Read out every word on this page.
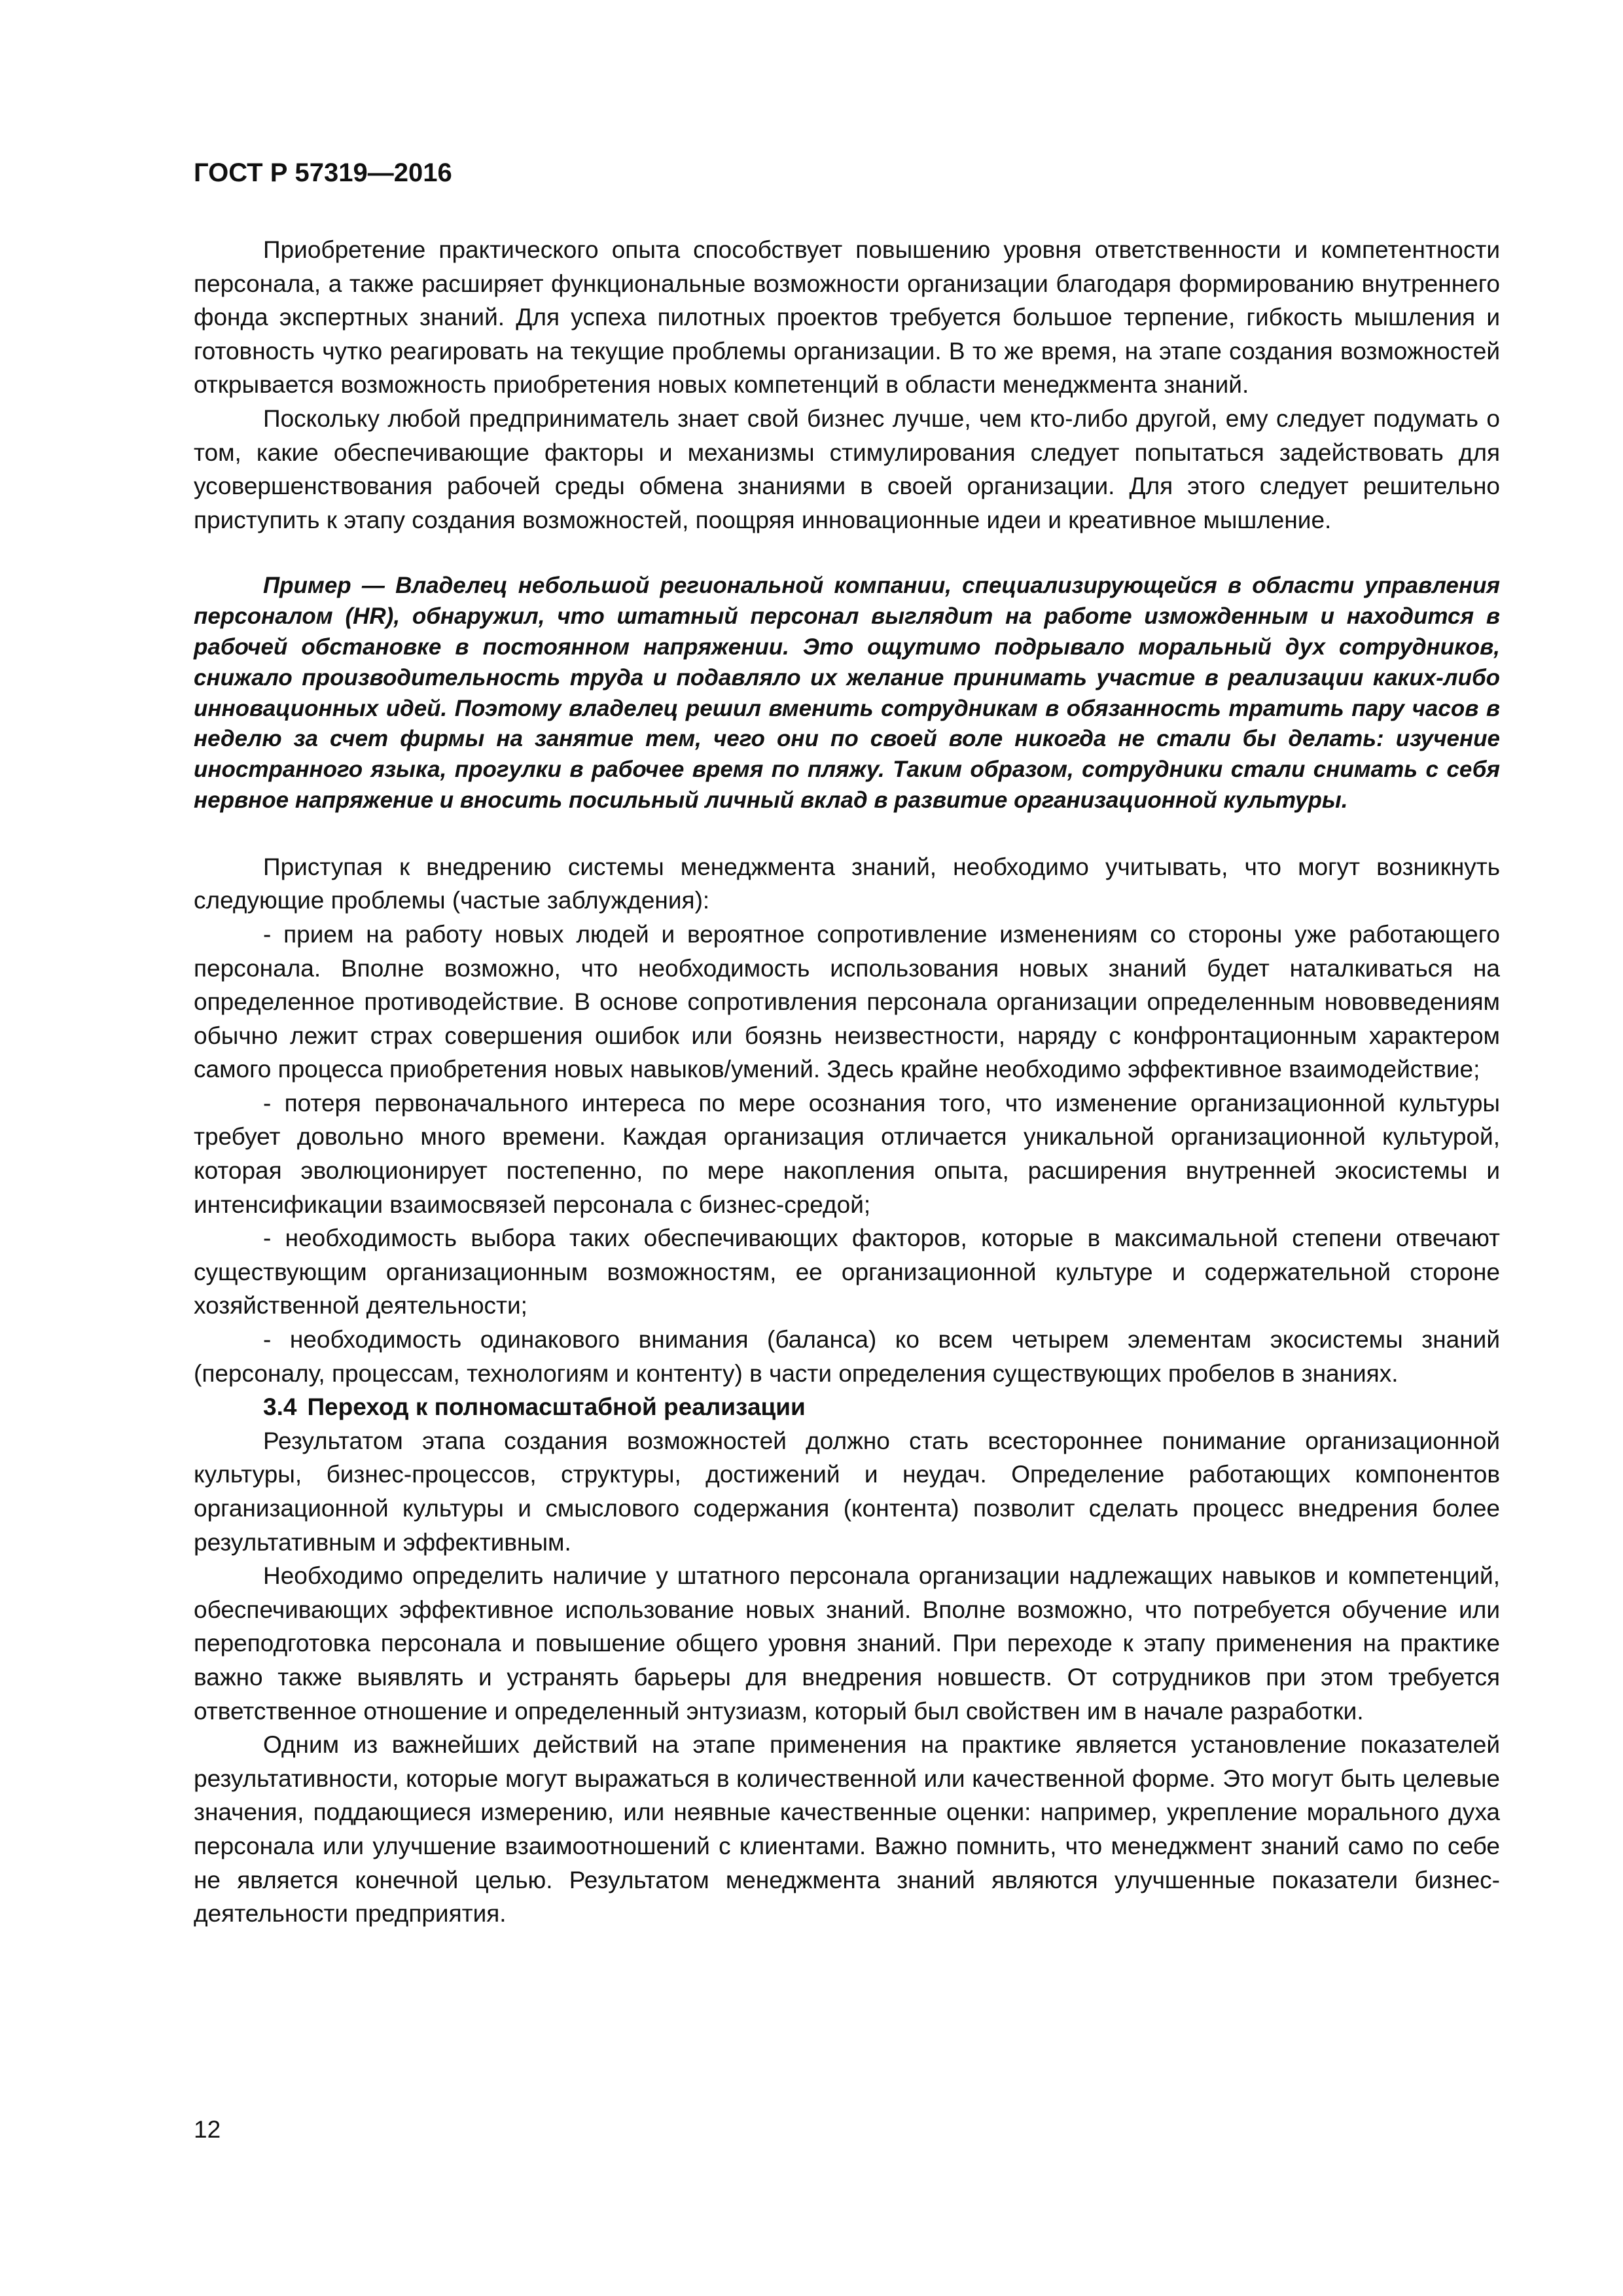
ГОСТ Р 57319—2016

Приобретение практического опыта способствует повышению уровня ответственности и компетентности персонала, а также расширяет функциональные возможности организации благодаря формированию внутреннего фонда экспертных знаний. Для успеха пилотных проектов требуется большое терпение, гибкость мышления и готовность чутко реагировать на текущие проблемы организации. В то же время, на этапе создания возможностей открывается возможность приобретения новых компетенций в области менеджмента знаний.

Поскольку любой предприниматель знает свой бизнес лучше, чем кто-либо другой, ему следует подумать о том, какие обеспечивающие факторы и механизмы стимулирования следует попытаться задействовать для усовершенствования рабочей среды обмена знаниями в своей организации. Для этого следует решительно приступить к этапу создания возможностей, поощряя инновационные идеи и креативное мышление.

Пример — Владелец небольшой региональной компании, специализирующейся в области управления персоналом (HR), обнаружил, что штатный персонал выглядит на работе изможденным и находится в рабочей обстановке в постоянном напряжении. Это ощутимо подрывало моральный дух сотрудников, снижало производительность труда и подавляло их желание принимать участие в реализации каких-либо инновационных идей. Поэтому владелец решил вменить сотрудникам в обязанность тратить пару часов в неделю за счет фирмы на занятие тем, чего они по своей воле никогда не стали бы делать: изучение иностранного языка, прогулки в рабочее время по пляжу. Таким образом, сотрудники стали снимать с себя нервное напряжение и вносить посильный личный вклад в развитие организационной культуры.

Приступая к внедрению системы менеджмента знаний, необходимо учитывать, что могут возникнуть следующие проблемы (частые заблуждения):

- прием на работу новых людей и вероятное сопротивление изменениям со стороны уже работающего персонала. Вполне возможно, что необходимость использования новых знаний будет наталкиваться на определенное противодействие. В основе сопротивления персонала организации определенным нововведениям обычно лежит страх совершения ошибок или боязнь неизвестности, наряду с конфронтационным характером самого процесса приобретения новых навыков/умений. Здесь крайне необходимо эффективное взаимодействие;

- потеря первоначального интереса по мере осознания того, что изменение организационной культуры требует довольно много времени. Каждая организация отличается уникальной организационной культурой, которая эволюционирует постепенно, по мере накопления опыта, расширения внутренней экосистемы и интенсификации взаимосвязей персонала с бизнес-средой;

- необходимость выбора таких обеспечивающих факторов, которые в максимальной степени отвечают существующим организационным возможностям, ее организационной культуре и содержательной стороне хозяйственной деятельности;

- необходимость одинакового внимания (баланса) ко всем четырем элементам экосистемы знаний (персоналу, процессам, технологиям и контенту) в части определения существующих пробелов в знаниях.

3.4 Переход к полномасштабной реализации

Результатом этапа создания возможностей должно стать всестороннее понимание организационной культуры, бизнес-процессов, структуры, достижений и неудач. Определение работающих компонентов организационной культуры и смыслового содержания (контента) позволит сделать процесс внедрения более результативным и эффективным.

Необходимо определить наличие у штатного персонала организации надлежащих навыков и компетенций, обеспечивающих эффективное использование новых знаний. Вполне возможно, что потребуется обучение или переподготовка персонала и повышение общего уровня знаний. При переходе к этапу применения на практике важно также выявлять и устранять барьеры для внедрения новшеств. От сотрудников при этом требуется ответственное отношение и определенный энтузиазм, который был свойствен им в начале разработки.

Одним из важнейших действий на этапе применения на практике является установление показателей результативности, которые могут выражаться в количественной или качественной форме. Это могут быть целевые значения, поддающиеся измерению, или неявные качественные оценки: например, укрепление морального духа персонала или улучшение взаимоотношений с клиентами. Важно помнить, что менеджмент знаний само по себе не является конечной целью. Результатом менеджмента знаний являются улучшенные показатели бизнес-деятельности предприятия.

12
